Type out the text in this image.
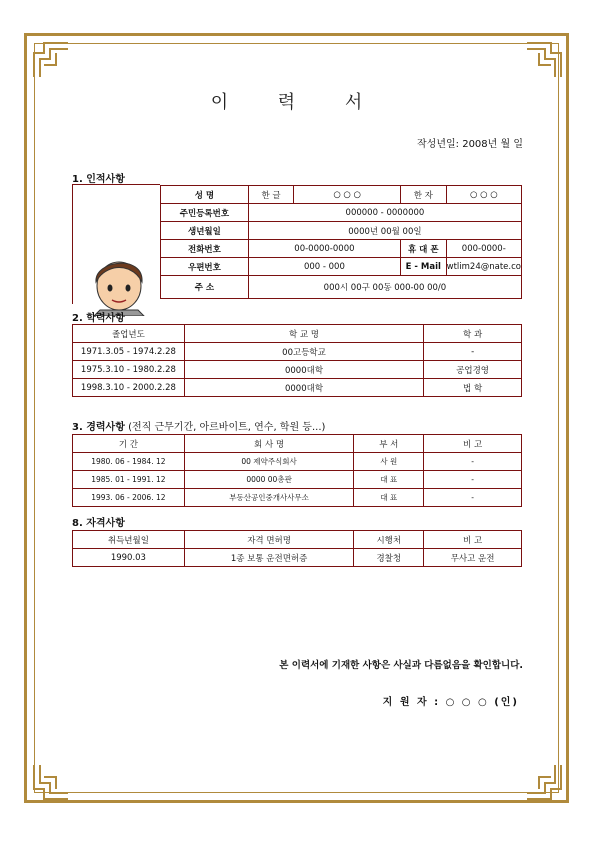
이 력 서
작성년일: 2008년 월 일
1. 인적사항
성 명	한 글	○ ○ ○	한 자	○ ○ ○
주민등록번호	000000 - 0000000			
생년월일	0000년 00월 00일			
전화번호	00-0000-0000		휴 대 폰	000-0000-
우편번호	000 - 000		E - Mail	wtlim24@nate.co
주 소	000시 00구 00동 000-00 00/0			
2. 학력사항
졸업년도	학 교 명	학 과
1971.3.05 - 1974.2.28	00고등학교	-
1975.3.10 - 1980.2.28	0000대학	공업경영
1998.3.10 - 2000.2.28	0000대학	법 학
3. 경력사항 (전직 근무기간, 아르바이트, 연수, 학원 등...)
기 간	회 사 명	부 서	비 고
1980. 06 - 1984. 12	00 제약주식회사	사 원	-
1985. 01 - 1991. 12	0000 00총판	대 표	-
1993. 06 - 2006. 12	부동산공인중개사사무소	대 표	-
8. 자격사항
취득년월일	자격 면허명	시행처	비 고
1990.03	1종 보통 운전면허증	경찰청	무사고 운전
본 이력서에 기재한 사항은 사실과 다름없음을 확인합니다.
지 원 자 : ○ ○ ○ (인)
